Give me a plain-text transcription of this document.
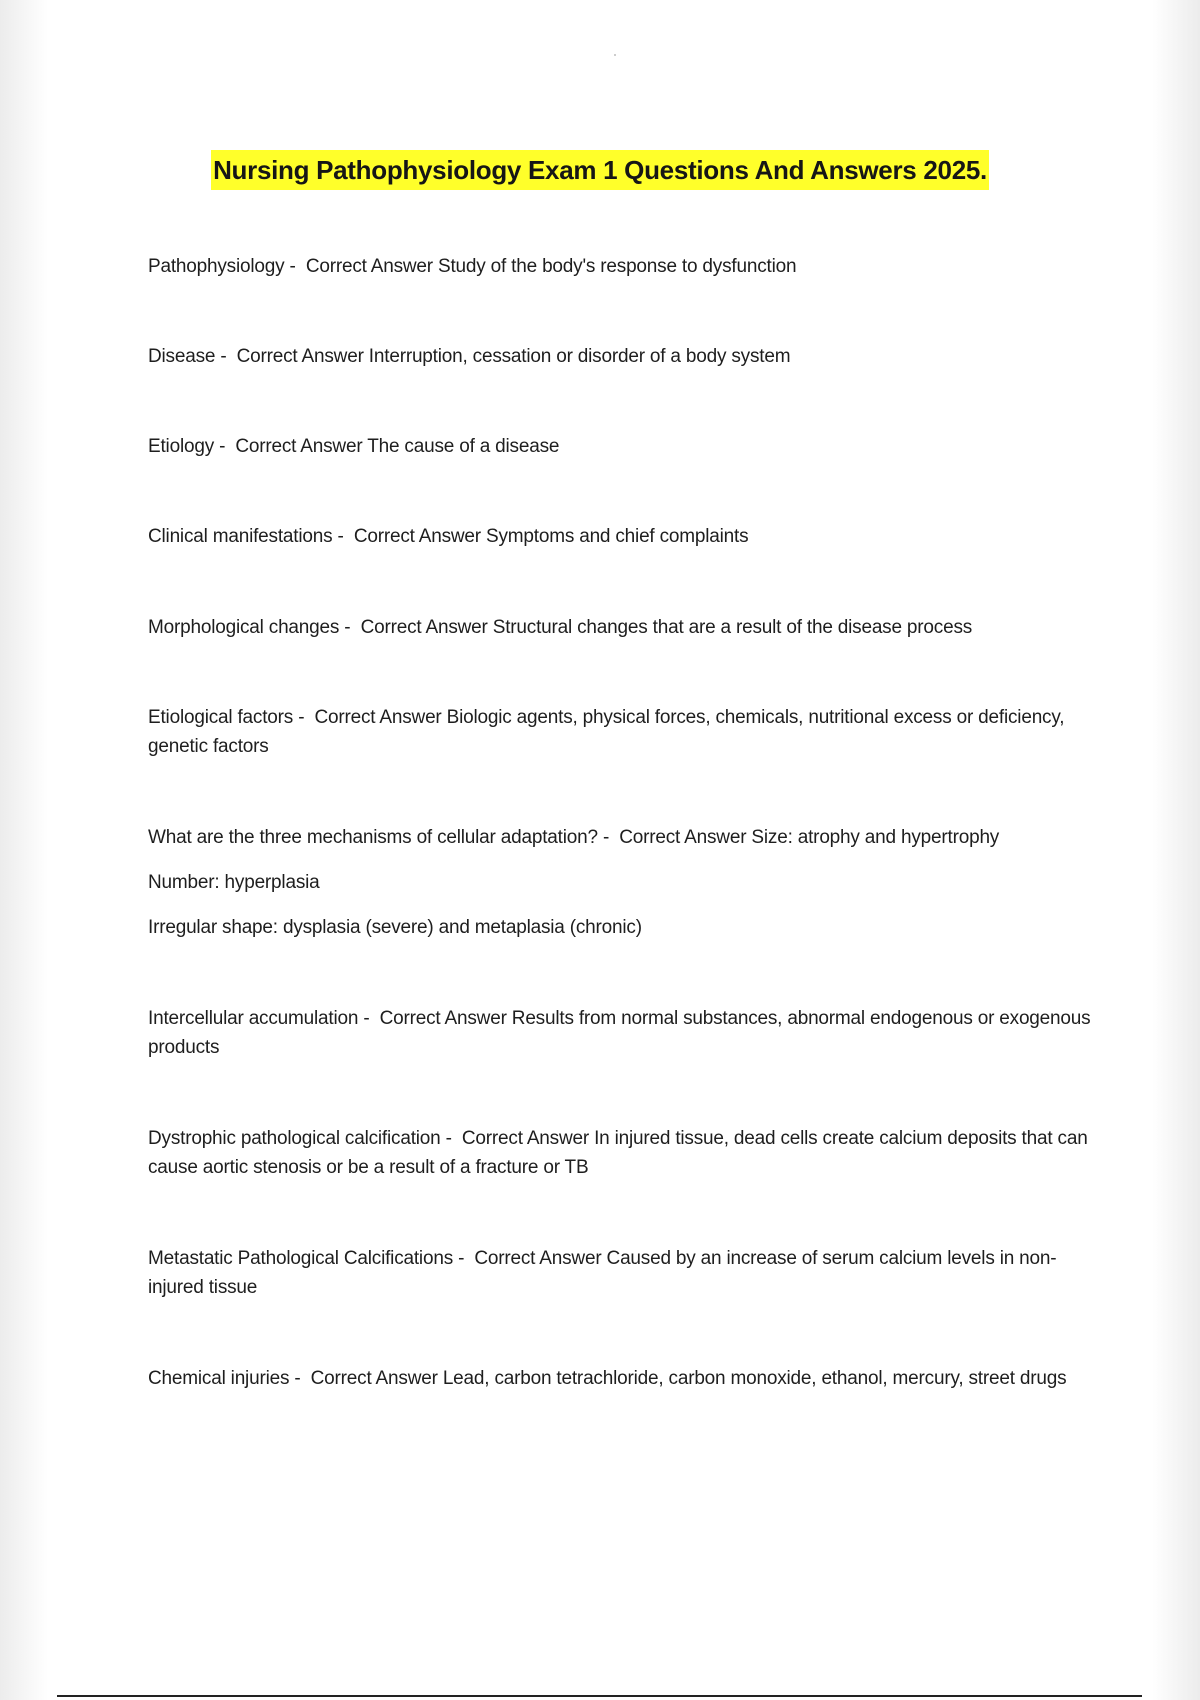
Nursing Pathophysiology Exam 1 Questions And Answers 2025.
Pathophysiology -  Correct Answer Study of the body's response to dysfunction
Disease -  Correct Answer Interruption, cessation or disorder of a body system
Etiology -  Correct Answer The cause of a disease
Clinical manifestations -  Correct Answer Symptoms and chief complaints
Morphological changes -  Correct Answer Structural changes that are a result of the disease process
Etiological factors -  Correct Answer Biologic agents, physical forces, chemicals, nutritional excess or deficiency, genetic factors
What are the three mechanisms of cellular adaptation? -  Correct Answer Size: atrophy and hypertrophy
Number: hyperplasia
Irregular shape: dysplasia (severe) and metaplasia (chronic)
Intercellular accumulation -  Correct Answer Results from normal substances, abnormal endogenous or exogenous products
Dystrophic pathological calcification -  Correct Answer In injured tissue, dead cells create calcium deposits that can cause aortic stenosis or be a result of a fracture or TB
Metastatic Pathological Calcifications -  Correct Answer Caused by an increase of serum calcium levels in non-injured tissue
Chemical injuries -  Correct Answer Lead, carbon tetrachloride, carbon monoxide, ethanol, mercury, street drugs
